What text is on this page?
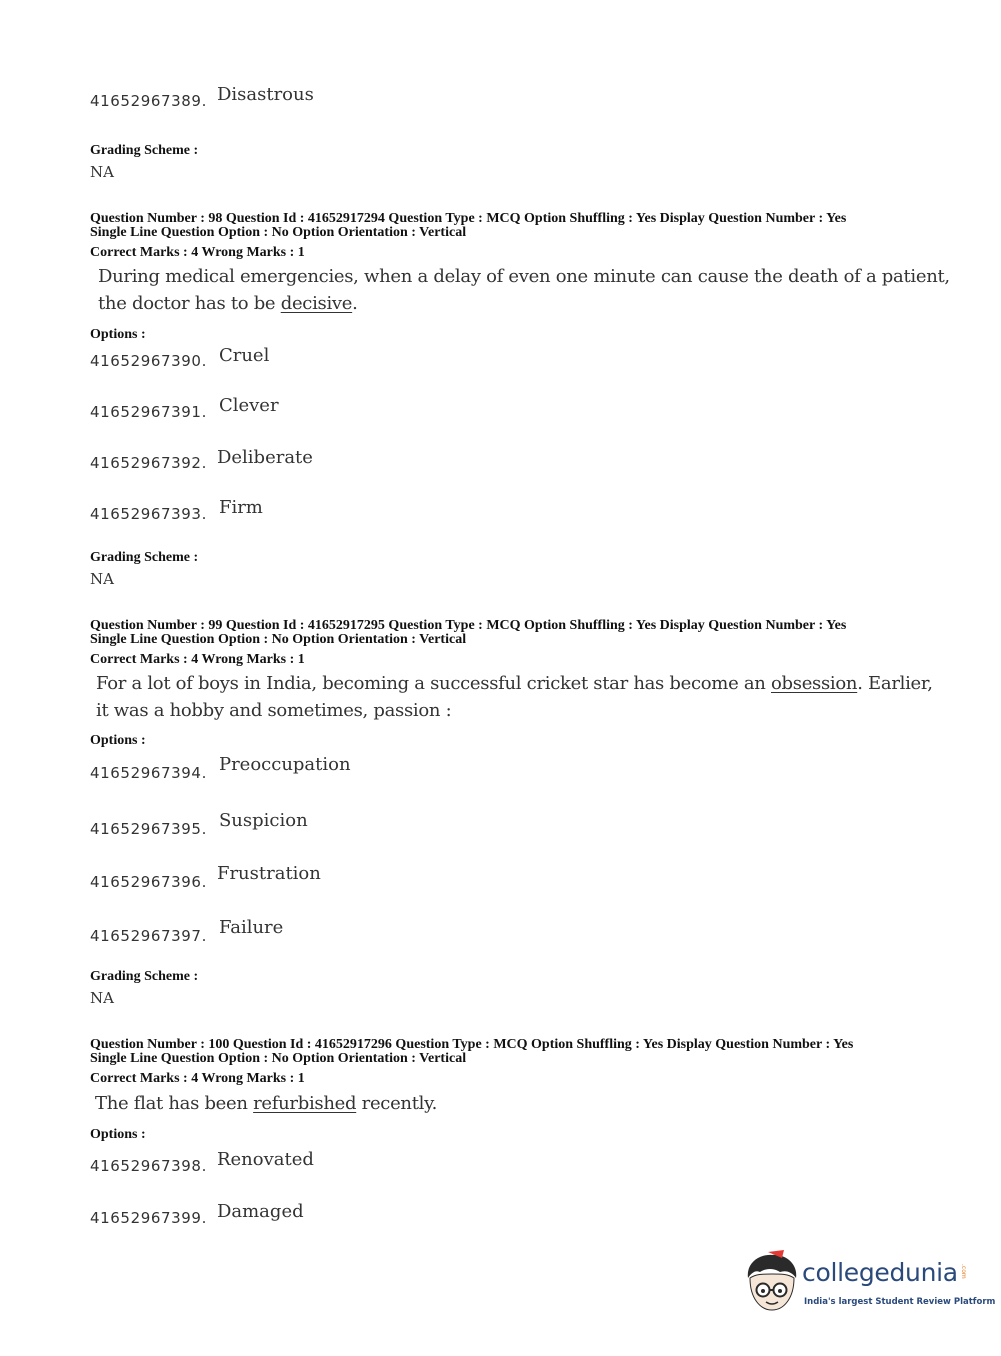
41652967389. Disastrous
Grading Scheme :
NA
Question Number : 98 Question Id : 41652917294 Question Type : MCQ Option Shuffling : Yes Display Question Number : Yes
Single Line Question Option : No Option Orientation : Vertical
Correct Marks : 4 Wrong Marks : 1
During medical emergencies, when a delay of even one minute can cause the death of a patient,
the doctor has to be decisive.
Options :
41652967390. Cruel
41652967391. Clever
41652967392. Deliberate
41652967393. Firm
Grading Scheme :
NA
Question Number : 99 Question Id : 41652917295 Question Type : MCQ Option Shuffling : Yes Display Question Number : Yes
Single Line Question Option : No Option Orientation : Vertical
Correct Marks : 4 Wrong Marks : 1
For a lot of boys in India, becoming a successful cricket star has become an obsession. Earlier,
it was a hobby and sometimes, passion :
Options :
41652967394. Preoccupation
41652967395. Suspicion
41652967396. Frustration
41652967397. Failure
Grading Scheme :
NA
Question Number : 100 Question Id : 41652917296 Question Type : MCQ Option Shuffling : Yes Display Question Number : Yes
Single Line Question Option : No Option Orientation : Vertical
Correct Marks : 4 Wrong Marks : 1
The flat has been refurbished recently.
Options :
41652967398. Renovated
41652967399. Damaged
collegedunia .com
India's largest Student Review Platform
